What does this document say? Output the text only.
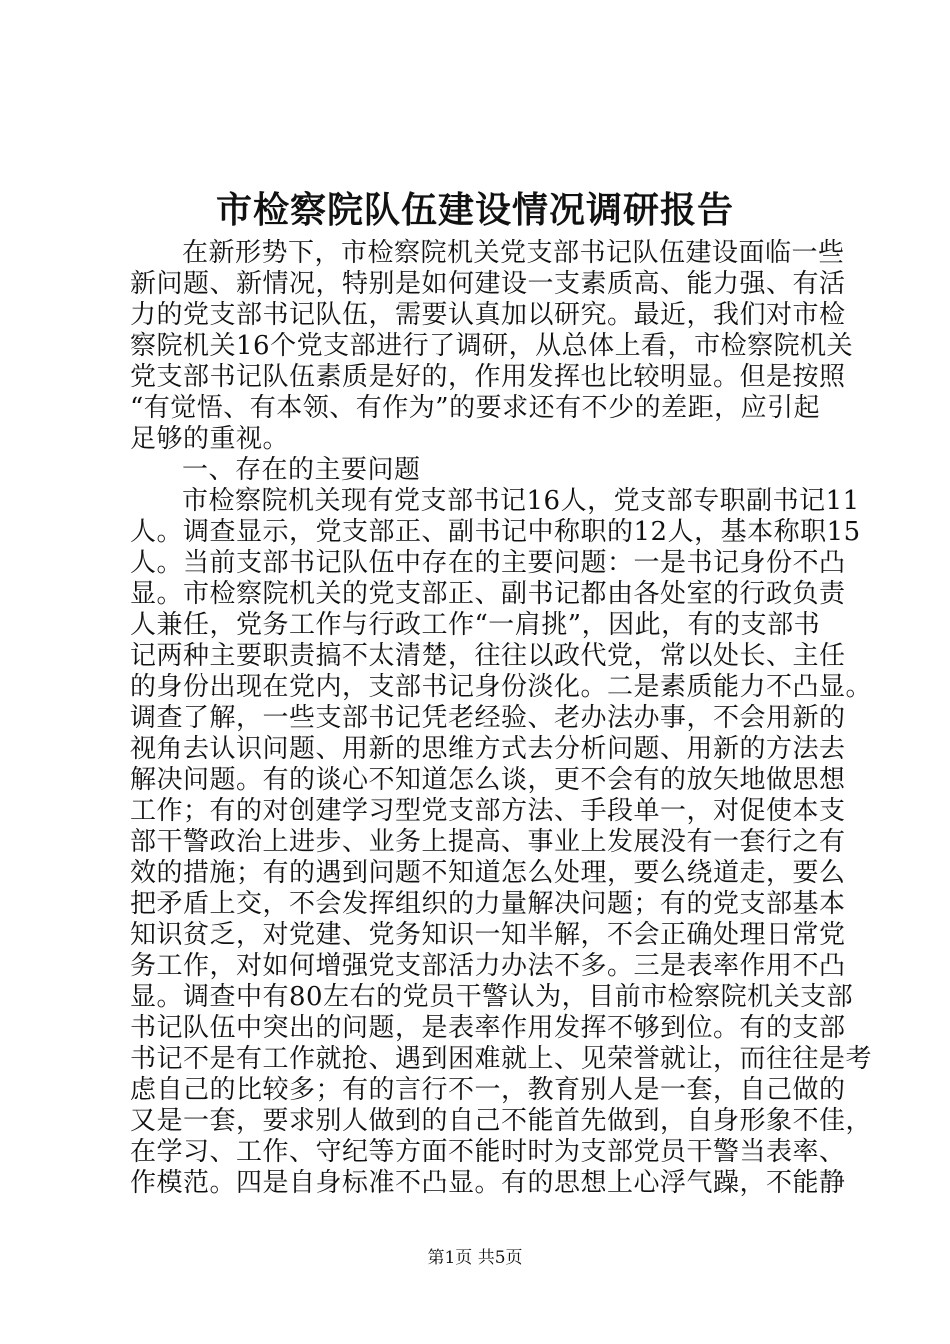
市检察院队伍建设情况调研报告
在新形势下，市检察院机关党支部书记队伍建设面临一些
新问题、新情况，特别是如何建设一支素质高、能力强、有活
力的党支部书记队伍，需要认真加以研究。最近，我们对市检
察院机关16个党支部进行了调研，从总体上看，市检察院机关
党支部书记队伍素质是好的，作用发挥也比较明显。但是按照
“有觉悟、有本领、有作为”的要求还有不少的差距，应引起
足够的重视。
一、存在的主要问题
市检察院机关现有党支部书记16人，党支部专职副书记11
人。调查显示，党支部正、副书记中称职的12人，基本称职15
人。当前支部书记队伍中存在的主要问题：一是书记身份不凸
显。市检察院机关的党支部正、副书记都由各处室的行政负责
人兼任，党务工作与行政工作“一肩挑”，因此，有的支部书
记两种主要职责搞不太清楚，往往以政代党，常以处长、主任
的身份出现在党内，支部书记身份淡化。二是素质能力不凸显。
调查了解，一些支部书记凭老经验、老办法办事，不会用新的
视角去认识问题、用新的思维方式去分析问题、用新的方法去
解决问题。有的谈心不知道怎么谈，更不会有的放矢地做思想
工作；有的对创建学习型党支部方法、手段单一，对促使本支
部干警政治上进步、业务上提高、事业上发展没有一套行之有
效的措施；有的遇到问题不知道怎么处理，要么绕道走，要么
把矛盾上交，不会发挥组织的力量解决问题；有的党支部基本
知识贫乏，对党建、党务知识一知半解，不会正确处理日常党
务工作，对如何增强党支部活力办法不多。三是表率作用不凸
显。调查中有80左右的党员干警认为，目前市检察院机关支部
书记队伍中突出的问题，是表率作用发挥不够到位。有的支部
书记不是有工作就抢、遇到困难就上、见荣誉就让，而往往是考
虑自己的比较多；有的言行不一，教育别人是一套，自己做的
又是一套，要求别人做到的自己不能首先做到，自身形象不佳，
在学习、工作、守纪等方面不能时时为支部党员干警当表率、
作模范。四是自身标准不凸显。有的思想上心浮气躁，不能静
第1页 共5页
